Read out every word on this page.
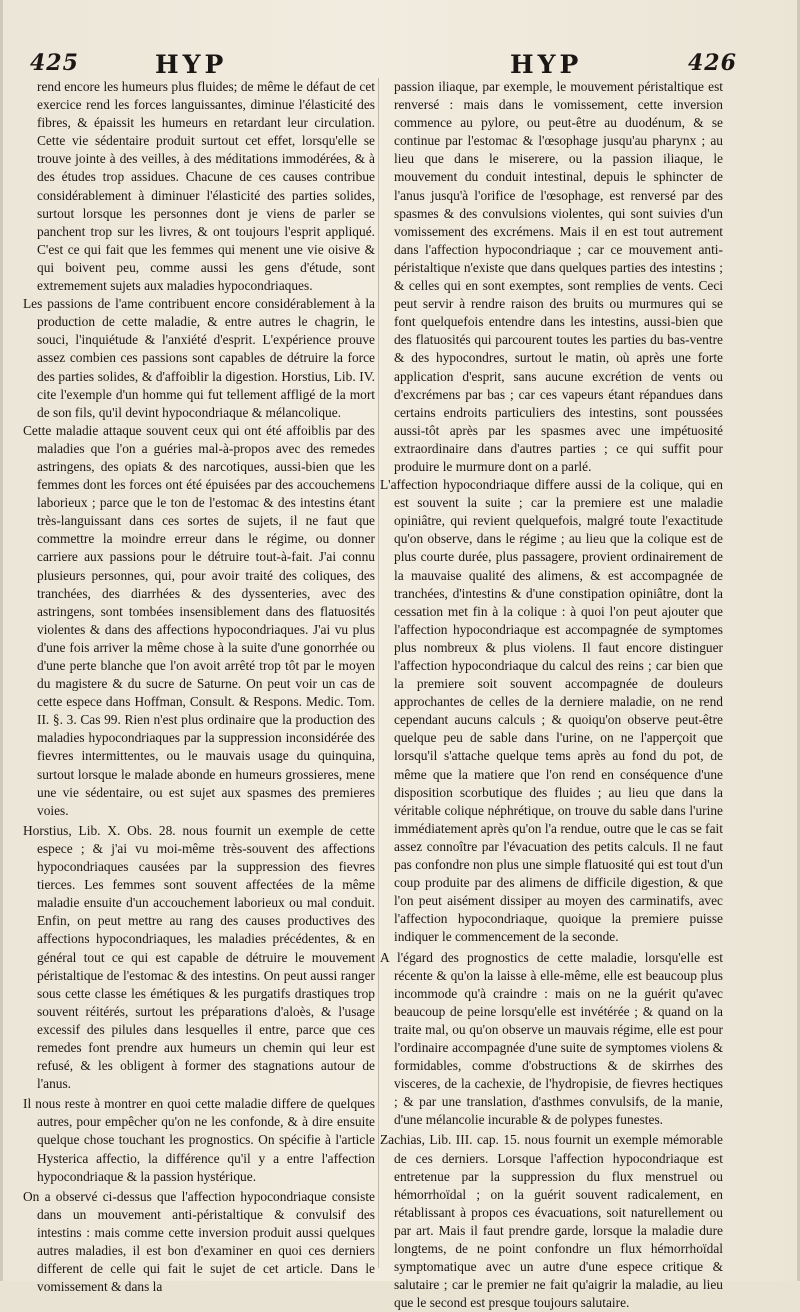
425	HYP	HYP	426

rend encore les humeurs plus fluides; de même le défaut de cet exercice rend les forces languissantes, diminue l'élasticité des fibres, & épaissit les humeurs en retardant leur circulation. Cette vie sédentaire produit surtout cet effet, lorsqu'elle se trouve jointe à des veilles, à des méditations immodérées, & à des études trop assidues. Chacune de ces causes contribue considérablement à diminuer l'élasticité des parties solides, surtout lorsque les personnes dont je viens de parler se panchent trop sur les livres, & ont toujours l'esprit appliqué. C'est ce qui fait que les femmes qui menent une vie oisive & qui boivent peu, comme aussi les gens d'étude, sont extremement sujets aux maladies hypocondriaques.

Les passions de l'ame contribuent encore considérablement à la production de cette maladie, & entre autres le chagrin, le souci, l'inquiétude & l'anxiété d'esprit. L'expérience prouve assez combien ces passions sont capables de détruire la force des parties solides, & d'affoiblir la digestion. Horstius, Lib. IV. cite l'exemple d'un homme qui fut tellement affligé de la mort de son fils, qu'il devint hypocondriaque & mélancolique.

Cette maladie attaque souvent ceux qui ont été affoiblis par des maladies que l'on a guéries mal-à-propos avec des remedes astringens, des opiats & des narcotiques, aussi-bien que les femmes dont les forces ont été épuisées par des accouchemens laborieux ; parce que le ton de l'estomac & des intestins étant très-languissant dans ces sortes de sujets, il ne faut que commettre la moindre erreur dans le régime, ou donner carriere aux passions pour le détruire tout-à-fait. J'ai connu plusieurs personnes, qui, pour avoir traité des coliques, des tranchées, des diarrhées & des dyssenteries, avec des astringens, sont tombées insensiblement dans des flatuosités violentes & dans des affections hypocondriaques. J'ai vu plus d'une fois arriver la même chose à la suite d'une gonorrhée ou d'une perte blanche que l'on avoit arrêté trop tôt par le moyen du magistere & du sucre de Saturne. On peut voir un cas de cette espece dans Hoffman, Consult. & Respons. Medic. Tom. II. §. 3. Cas 99. Rien n'est plus ordinaire que la production des maladies hypocondriaques par la suppression inconsidérée des fievres intermittentes, ou le mauvais usage du quinquina, surtout lorsque le malade abonde en humeurs grossieres, mene une vie sédentaire, ou est sujet aux spasmes des premieres voies.

Horstius, Lib. X. Obs. 28. nous fournit un exemple de cette espece ; & j'ai vu moi-même très-souvent des affections hypocondriaques causées par la suppression des fievres tierces. Les femmes sont souvent affectées de la même maladie ensuite d'un accouchement laborieux ou mal conduit. Enfin, on peut mettre au rang des causes productives des affections hypocondriaques, les maladies précédentes, & en général tout ce qui est capable de détruire le mouvement péristaltique de l'estomac & des intestins. On peut aussi ranger sous cette classe les émétiques & les purgatifs drastiques trop souvent réitérés, surtout les préparations d'aloès, & l'usage excessif des pilules dans lesquelles il entre, parce que ces remedes font prendre aux humeurs un chemin qui leur est refusé, & les obligent à former des stagnations autour de l'anus.

Il nous reste à montrer en quoi cette maladie differe de quelques autres, pour empêcher qu'on ne les confonde, & à dire ensuite quelque chose touchant les prognostics. On spécifie à l'article Hysterica affectio, la différence qu'il y a entre l'affection hypocondriaque & la passion hystérique.

On a observé ci-dessus que l'affection hypocondriaque consiste dans un mouvement anti-péristaltique & convulsif des intestins : mais comme cette inversion produit aussi quelques autres maladies, il est bon d'examiner en quoi ces derniers different de celle qui fait le sujet de cet article. Dans le vomissement & dans la

passion iliaque, par exemple, le mouvement péristaltique est renversé : mais dans le vomissement, cette inversion commence au pylore, ou peut-être au duodénum, & se continue par l'estomac & l'œsophage jusqu'au pharynx ; au lieu que dans le miserere, ou la passion iliaque, le mouvement du conduit intestinal, depuis le sphincter de l'anus jusqu'à l'orifice de l'œsophage, est renversé par des spasmes & des convulsions violentes, qui sont suivies d'un vomissement des excrémens. Mais il en est tout autrement dans l'affection hypocondriaque ; car ce mouvement anti-péristaltique n'existe que dans quelques parties des intestins ; & celles qui en sont exemptes, sont remplies de vents. Ceci peut servir à rendre raison des bruits ou murmures qui se font quelquefois entendre dans les intestins, aussi-bien que des flatuosités qui parcourent toutes les parties du bas-ventre & des hypocondres, surtout le matin, où après une forte application d'esprit, sans aucune excrétion de vents ou d'excrémens par bas ; car ces vapeurs étant répandues dans certains endroits particuliers des intestins, sont poussées aussi-tôt après par les spasmes avec une impétuosité extraordinaire dans d'autres parties ; ce qui suffit pour produire le murmure dont on a parlé.

L'affection hypocondriaque differe aussi de la colique, qui en est souvent la suite ; car la premiere est une maladie opiniâtre, qui revient quelquefois, malgré toute l'exactitude qu'on observe, dans le régime ; au lieu que la colique est de plus courte durée, plus passagere, provient ordinairement de la mauvaise qualité des alimens, & est accompagnée de tranchées, d'intestins & d'une constipation opiniâtre, dont la cessation met fin à la colique : à quoi l'on peut ajouter que l'affection hypocondriaque est accompagnée de symptomes plus nombreux & plus violens. Il faut encore distinguer l'affection hypocondriaque du calcul des reins ; car bien que la premiere soit souvent accompagnée de douleurs approchantes de celles de la derniere maladie, on ne rend cependant aucuns calculs ; & quoiqu'on observe peut-être quelque peu de sable dans l'urine, on ne l'apperçoit que lorsqu'il s'attache quelque tems après au fond du pot, de même que la matiere que l'on rend en conséquence d'une disposition scorbutique des fluides ; au lieu que dans la véritable colique néphrétique, on trouve du sable dans l'urine immédiatement après qu'on l'a rendue, outre que le cas se fait assez connoître par l'évacuation des petits calculs. Il ne faut pas confondre non plus une simple flatuosité qui est tout d'un coup produite par des alimens de difficile digestion, & que l'on peut aisément dissiper au moyen des carminatifs, avec l'affection hypocondriaque, quoique la premiere puisse indiquer le commencement de la seconde.

A l'égard des prognostics de cette maladie, lorsqu'elle est récente & qu'on la laisse à elle-même, elle est beaucoup plus incommode qu'à craindre : mais on ne la guérit qu'avec beaucoup de peine lorsqu'elle est invétérée ; & quand on la traite mal, ou qu'on observe un mauvais régime, elle est pour l'ordinaire accompagnée d'une suite de symptomes violens & formidables, comme d'obstructions & de skirrhes des visceres, de la cachexie, de l'hydropisie, de fievres hectiques ; & par une translation, d'asthmes convulsifs, de la manie, d'une mélancolie incurable & de polypes funestes.

Zachias, Lib. III. cap. 15. nous fournit un exemple mémorable de ces derniers. Lorsque l'affection hypocondriaque est entretenue par la suppression du flux menstruel ou hémorrhoïdal ; on la guérit souvent radicalement, en rétablissant à propos ces évacuations, soit naturellement ou par art. Mais il faut prendre garde, lorsque la maladie dure longtems, de ne point confondre un flux hémorrhoïdal symptomatique avec un autre d'une espece critique & salutaire ; car le premier ne fait qu'aigrir la maladie, au lieu que le second est presque toujours salutaire.
